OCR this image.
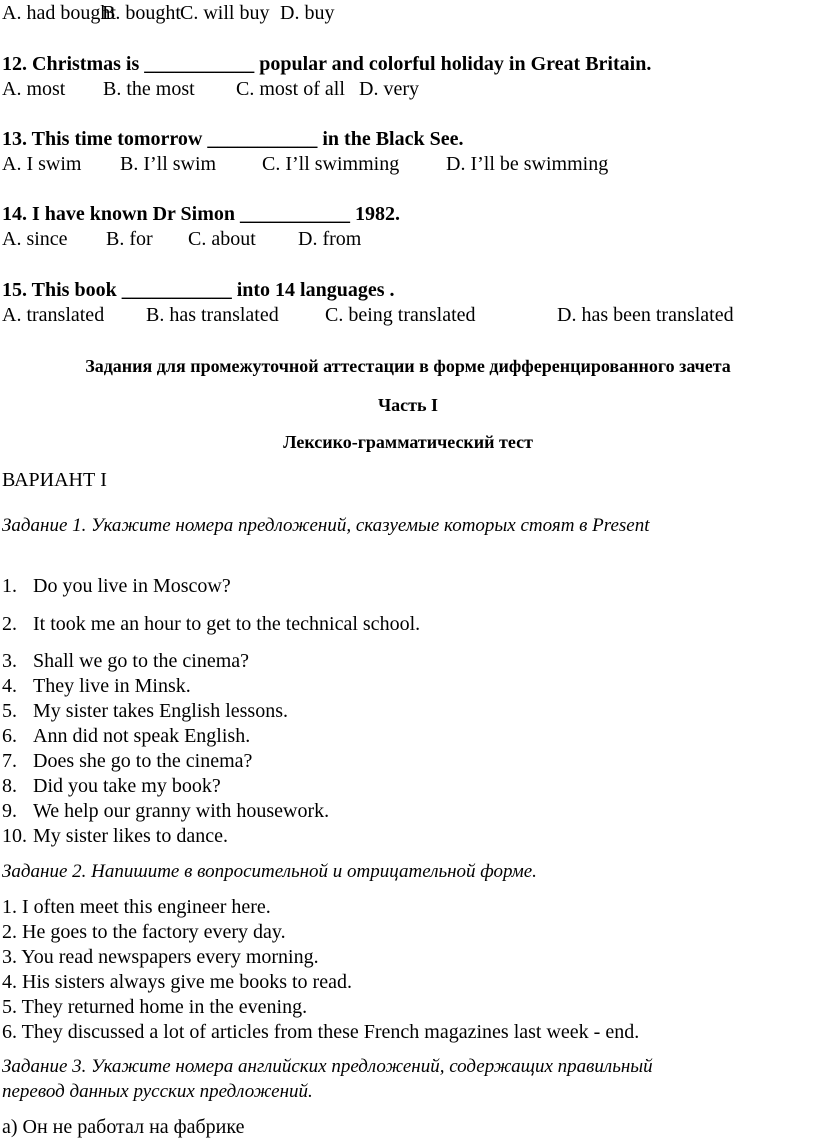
A. had bought
B. bought C. will buy D. buy
12. Christmas is ___________ popular and colorful holiday in Great Britain.
A. most B. the most C. most of all D. very
13. This time tomorrow ___________ in the Black See.
A. I swim B. I’ll swim C. I’ll swimming D. I’ll be swimming
14. I have known Dr Simon ___________ 1982.
A. since B. for C. about D. from
15. This book ___________ into 14 languages .
A. translated B. has translated C. being translated	D. has been translated
Задания для промежуточной аттестации в форме дифференцированного зачета
Часть I
Лексико-грамматический тест
ВАРИАНТ I
Задание 1. Укажите номера предложений, сказуемые которых стоят в Present
1. Do you live in Moscow?
2. It took me an hour to get to the technical school.
3. Shall we go to the cinema?
4. They live in Minsk.
5. My sister takes English lessons.
6. Ann did not speak English.
7. Does she go to the cinema?
8. Did you take my book?
9. We help our granny with housework.
10. My sister likes to dance.
Задание 2. Напишите в вопросительной и отрицательной форме.
1. I often meet this engineer here.
2. He goes to the factory every day.
3. You read newspapers every morning.
4. His sisters always give me books to read.
5. They returned home in the evening.
6. They discussed a lot of articles from these French magazines last week - end.
Задание 3. Укажите номера английских предложений, содержащих правильный
перевод данных русских предложений.
а) Он не работал на фабрике
